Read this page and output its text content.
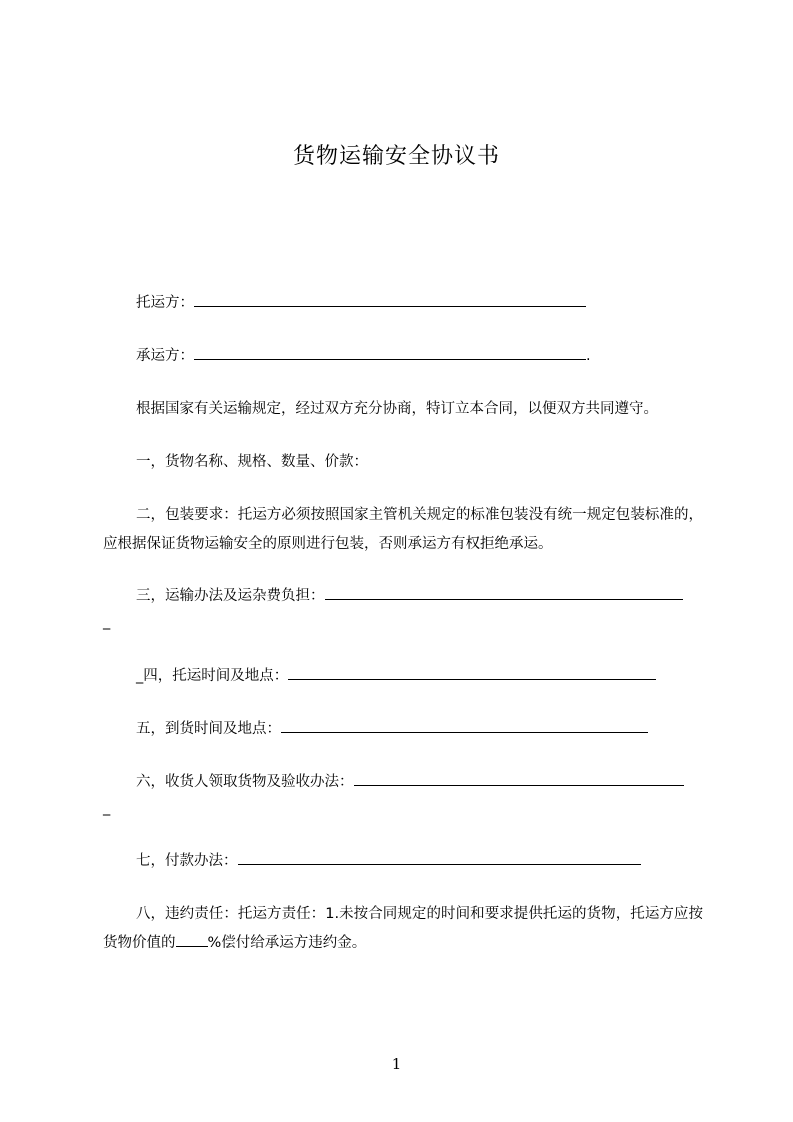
货物运输安全协议书
托运方：
承运方：	.
根据国家有关运输规定，经过双方充分协商，特订立本合同，以便双方共同遵守。
一，货物名称、规格、数量、价款：
二，包装要求：托运方必须按照国家主管机关规定的标准包装没有统一规定包装标准的，应根据保证货物运输安全的原则进行包装，否则承运方有权拒绝承运。
三，运输办法及运杂费负担：
_
_四，托运时间及地点：
五，到货时间及地点：
六，收货人领取货物及验收办法：
_
七，付款办法：
八，违约责任：托运方责任：1.未按合同规定的时间和要求提供托运的货物，托运方应按货物价值的 %偿付给承运方违约金。
1
